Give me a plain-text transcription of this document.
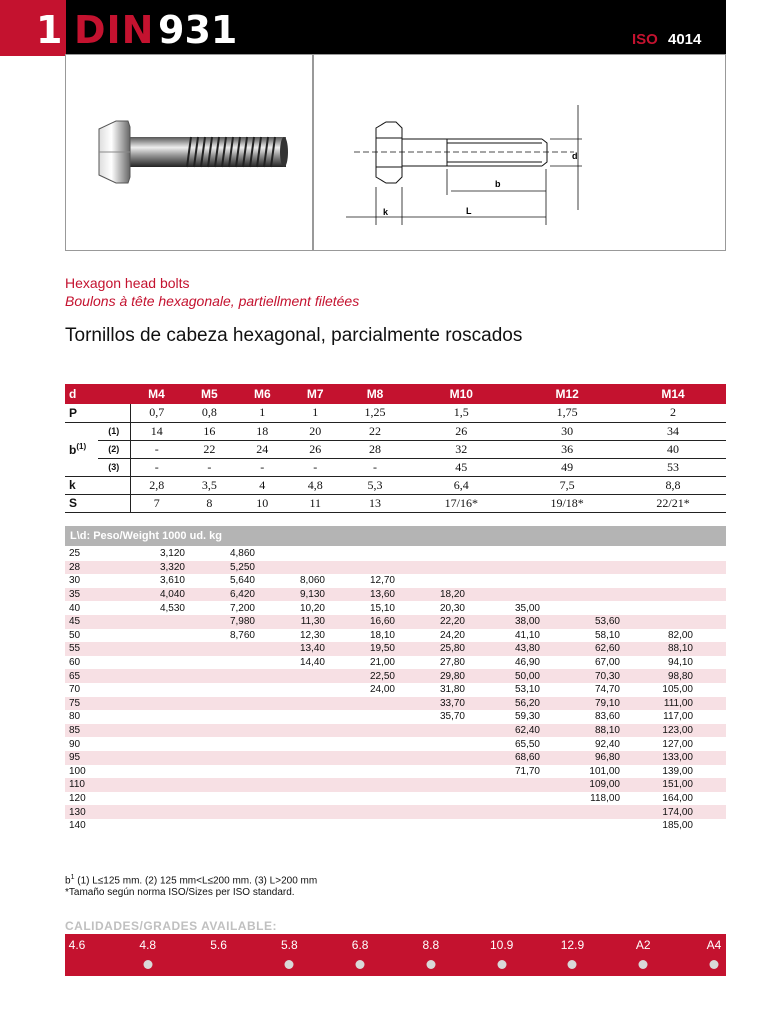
1 DIN 931	ISO 4014
k	L
b
d
Hexagon head bolts
Boulons à tête hexagonale, partiellment filetées
Tornillos de cabeza hexagonal, parcialmente roscados
d		M4	M5	M6	M7	M8	M10	M12	M14
P		0,7	0,8	1	1	1,25	1,5	1,75	2
$b^{(1)}$	(1)	14	16	18	20	22	26	30	34
	(2)	-	22	24	26	28	32	36	40
	(3)	-	-	-	-	-	45	49	53
k		2,8	3,5	4	4,8	5,3	6,4	7,5	8,8
S		7	8	10	11	13	17/16*	19/18*	22/21*
L\d: Peso/Weight 1000 ud. kg
25	3,120	4,860							
28	3,320	5,250							
30	3,610	5,640	8,060	12,70					
35	4,040	6,420	9,130	13,60	18,20				
40	4,530	7,200	10,20	15,10	20,30	35,00			
45		7,980	11,30	16,60	22,20	38,00	53,60		
50		8,760	12,30	18,10	24,20	41,10	58,10	82,00	
55			13,40	19,50	25,80	43,80	62,60	88,10	
60			14,40	21,00	27,80	46,90	67,00	94,10	
65				22,50	29,80	50,00	70,30	98,80	
70				24,00	31,80	53,10	74,70	105,00	
75					33,70	56,20	79,10	111,00	
80					35,70	59,30	83,60	117,00	
85						62,40	88,10	123,00	
90						65,50	92,40	127,00	
95						68,60	96,80	133,00	
100						71,70	101,00	139,00	
110							109,00	151,00	
120							118,00	164,00	
130								174,00	
140								185,00	
$b^1$ (1) L≤125 mm. (2) 125 mm<L≤200 mm. (3) L>200 mm
*Tamaño según norma ISO/Sizes per ISO standard.
CALIDADES/GRADES AVAILABLE:
4.6	4.8	5.6	5.8	6.8	8.8	10.9	12.9	A2	A4
